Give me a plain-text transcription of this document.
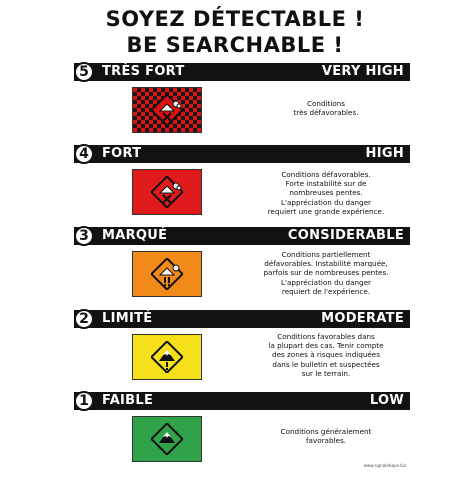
SOYEZ DÉTECTABLE !
BE SEARCHABLE !
5	TRÈS FORT	VERY HIGH
Conditions
très défavorables.
4	FORT	HIGH
Conditions défavorables.
Forte instabilité sur de
nombreuses pentes.
L'appréciation du danger
requiert une grande expérience.
3	MARQUÉ	CONSIDERABLE
Conditions partiellement
défavorables. Instabilité marquée,
parfois sur de nombreuses pentes.
L'appréciation du danger
requiert de l'expérience.
2	LIMITÉ	MODERATE
Conditions favorables dans
la plupart des cas. Tenir compte
des zones à risques indiquées
dans le bulletin et suspectées
sur le terrain.
1	FAIBLE	LOW
Conditions généralement
favorables.
www.signaletique.biz
